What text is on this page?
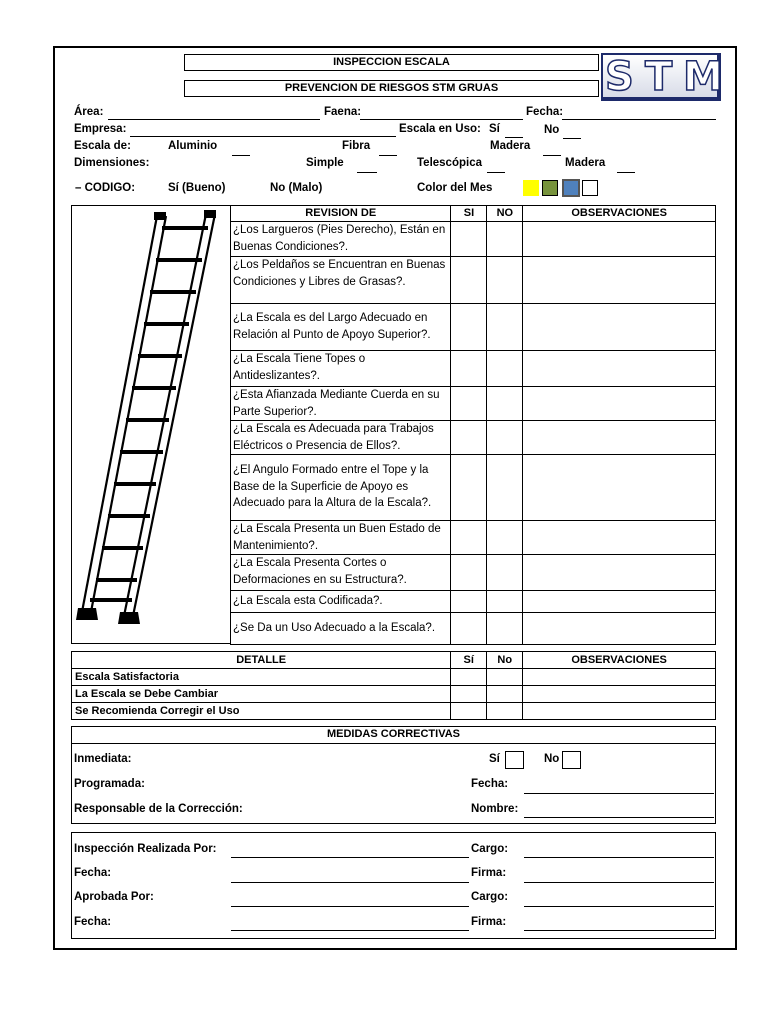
INSPECCION ESCALA
PREVENCION DE RIESGOS STM GRUAS	S T M
Área:	Faena:	Fecha:
Empresa:	Escala en Uso: Sí	No
Escala de:	Aluminio	Fibra	Madera
Dimensiones:	Simple	Telescópica	Madera
– CODIGO:	Sí (Bueno)	No (Malo)	Color del Mes
REVISION DE	SI	NO	OBSERVACIONES
¿Los Largueros (Pies Derecho), Están en Buenas Condiciones?.			
¿Los Peldaños se Encuentran en Buenas Condiciones y Libres de Grasas?.			
¿La Escala es del Largo Adecuado en Relación al Punto de Apoyo Superior?.			
¿La Escala Tiene Topes o Antideslizantes?.			
¿Esta Afianzada Mediante Cuerda en su Parte Superior?.			
¿La Escala es Adecuada para Trabajos Eléctricos o Presencia de Ellos?.			
¿El Angulo Formado entre el Tope y la Base de la Superficie de Apoyo es Adecuado para la Altura de la Escala?.			
¿La Escala Presenta un Buen Estado de Mantenimiento?.			
¿La Escala Presenta Cortes o Deformaciones en su Estructura?.			
¿La Escala esta Codificada?.			
¿Se Da un Uso Adecuado a la Escala?.			
DETALLE	Sí	No	OBSERVACIONES
Escala Satisfactoria			
La Escala se Debe Cambiar			
Se Recomienda Corregir el Uso			
MEDIDAS CORRECTIVAS
Inmediata:	Sí	No
Programada:	Fecha:
Responsable de la Corrección:	Nombre:
Inspección Realizada Por:	Cargo:
Fecha:	Firma:
Aprobada Por:	Cargo:
Fecha:	Firma:
